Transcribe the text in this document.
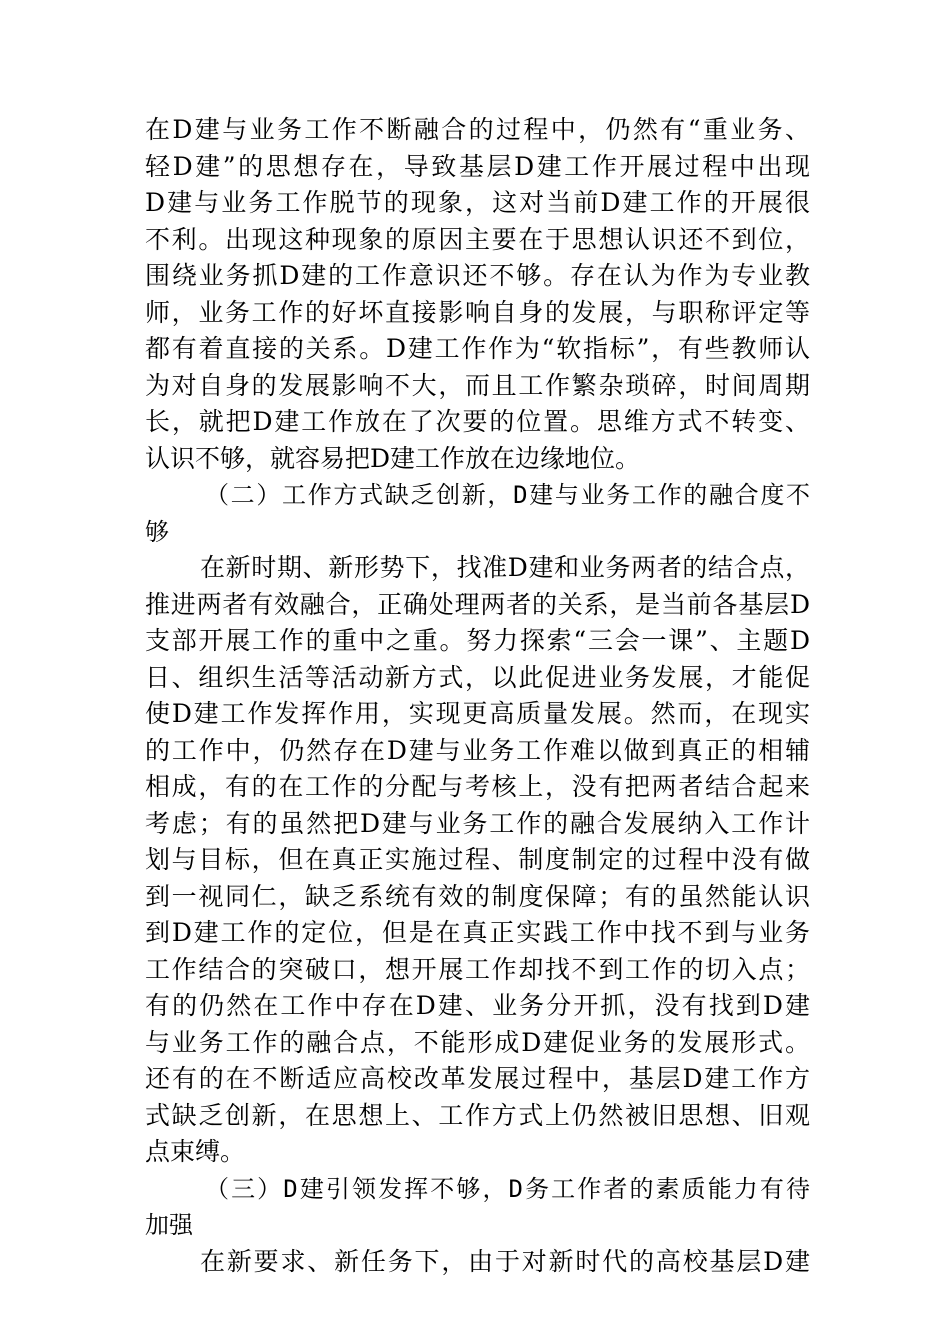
在D建与业务工作不断融合的过程中，仍然有“重业务、
轻D建”的思想存在，导致基层D建工作开展过程中出现
D建与业务工作脱节的现象，这对当前D建工作的开展很
不利。出现这种现象的原因主要在于思想认识还不到位，
围绕业务抓D建的工作意识还不够。存在认为作为专业教
师，业务工作的好坏直接影响自身的发展，与职称评定等
都有着直接的关系。D建工作作为“软指标”，有些教师认
为对自身的发展影响不大，而且工作繁杂琐碎，时间周期
长，就把D建工作放在了次要的位置。思维方式不转变、
认识不够，就容易把D建工作放在边缘地位。
（二）工作方式缺乏创新，D建与业务工作的融合度不
够
在新时期、新形势下，找准D建和业务两者的结合点，
推进两者有效融合，正确处理两者的关系，是当前各基层D
支部开展工作的重中之重。努力探索“三会一课”、主题D
日、组织生活等活动新方式，以此促进业务发展，才能促
使D建工作发挥作用，实现更高质量发展。然而，在现实
的工作中，仍然存在D建与业务工作难以做到真正的相辅
相成，有的在工作的分配与考核上，没有把两者结合起来
考虑；有的虽然把D建与业务工作的融合发展纳入工作计
划与目标，但在真正实施过程、制度制定的过程中没有做
到一视同仁，缺乏系统有效的制度保障；有的虽然能认识
到D建工作的定位，但是在真正实践工作中找不到与业务
工作结合的突破口，想开展工作却找不到工作的切入点；
有的仍然在工作中存在D建、业务分开抓，没有找到D建
与业务工作的融合点，不能形成D建促业务的发展形式。
还有的在不断适应高校改革发展过程中，基层D建工作方
式缺乏创新，在思想上、工作方式上仍然被旧思想、旧观
点束缚。
（三）D建引领发挥不够，D务工作者的素质能力有待
加强
在新要求、新任务下，由于对新时代的高校基层D建
